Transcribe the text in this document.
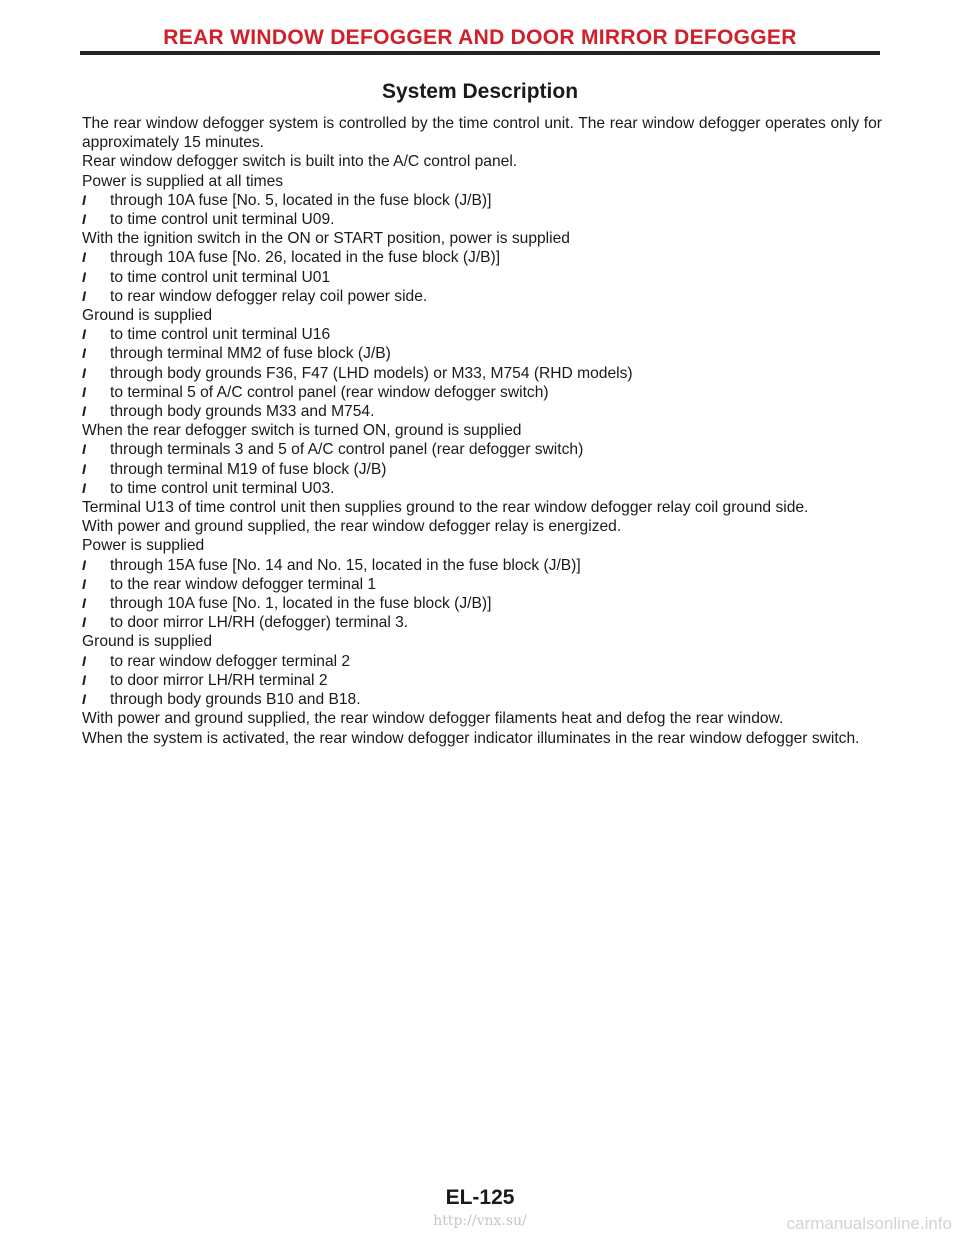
REAR WINDOW DEFOGGER AND DOOR MIRROR DEFOGGER
System Description

The rear window defogger system is controlled by the time control unit. The rear window defogger operates only for approximately 15 minutes.

Rear window defogger switch is built into the A/C control panel.

Power is supplied at all times

I	through 10A fuse [No. 5, located in the fuse block (J/B)]
I	to time control unit terminal U09.

With the ignition switch in the ON or START position, power is supplied

I	through 10A fuse [No. 26, located in the fuse block (J/B)]
I	to time control unit terminal U01
I	to rear window defogger relay coil power side.

Ground is supplied

I	to time control unit terminal U16
I	through terminal MM2 of fuse block (J/B)
I	through body grounds F36, F47 (LHD models) or M33, M754 (RHD models)
I	to terminal 5 of A/C control panel (rear window defogger switch)
I	through body grounds M33 and M754.

When the rear defogger switch is turned ON, ground is supplied

I	through terminals 3 and 5 of A/C control panel (rear defogger switch)
I	through terminal M19 of fuse block (J/B)
I	to time control unit terminal U03.

Terminal U13 of time control unit then supplies ground to the rear window defogger relay coil ground side.

With power and ground supplied, the rear window defogger relay is energized.

Power is supplied

I	through 15A fuse [No. 14 and No. 15, located in the fuse block (J/B)]
I	to the rear window defogger terminal 1
I	through 10A fuse [No. 1, located in the fuse block (J/B)]
I	to door mirror LH/RH (defogger) terminal 3.

Ground is supplied

I	to rear window defogger terminal 2
I	to door mirror LH/RH terminal 2
I	through body grounds B10 and B18.

With power and ground supplied, the rear window defogger filaments heat and defog the rear window.

When the system is activated, the rear window defogger indicator illuminates in the rear window defogger switch.

EL-125
http://vnx.su/	carmanualsonline.info
